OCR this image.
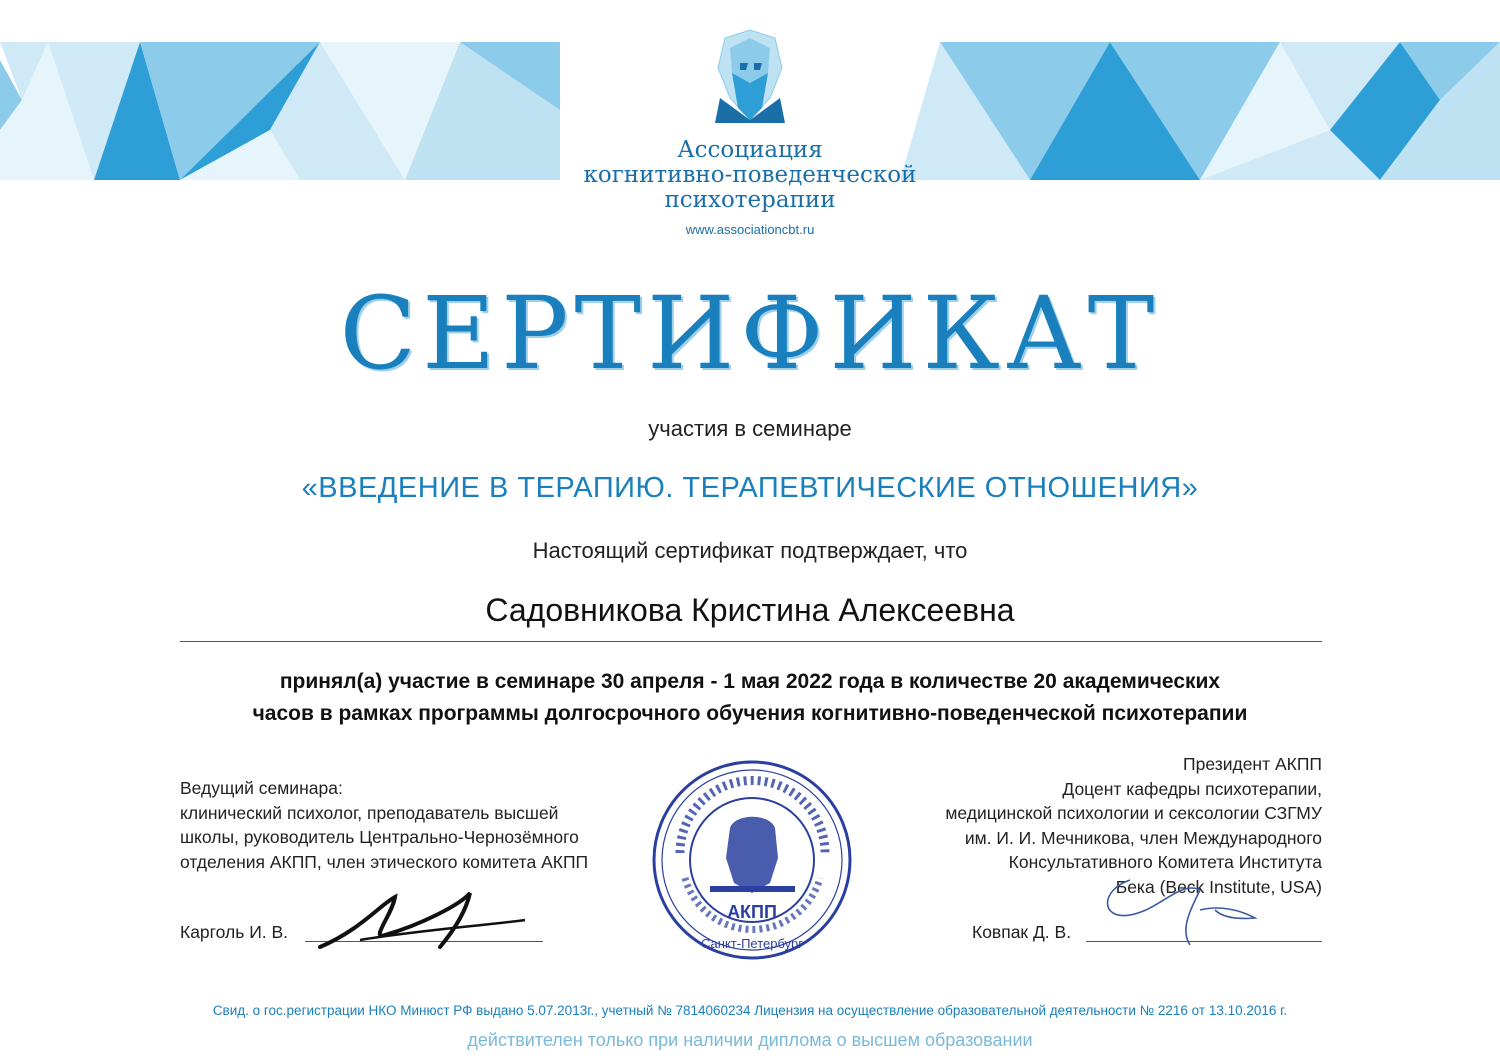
Ассоциация
когнитивно-поведенческой
психотерапии
www.associationcbt.ru
СЕРТИФИКАТ
участия в семинаре
«ВВЕДЕНИЕ В ТЕРАПИЮ. ТЕРАПЕВТИЧЕСКИЕ ОТНОШЕНИЯ»
Настоящий сертификат подтверждает, что
Садовникова Кристина Алексеевна
принял(а) участие в семинаре 30 апреля - 1 мая 2022 года в количестве 20 академических
часов в рамках программы долгосрочного обучения когнитивно-поведенческой психотерапии
Ведущий семинара:
клинический психолог, преподаватель высшей
школы, руководитель Центрально-Чернозёмного
отделения АКПП, член этического комитета АКПП
Карголь И. В.
Президент АКПП
Доцент кафедры психотерапии,
медицинской психологии и сексологии СЗГМУ
им. И. И. Мечникова, член Международного
Консультативного Комитета Института
Бека (Beck Institute, USA)
Ковпак Д. В.
АКПП
Санкт-Петербург
Свид. о гос.регистрации НКО Минюст РФ выдано 5.07.2013г., учетный № 7814060234 Лицензия на осуществление образовательной деятельности № 2216 от 13.10.2016 г.
действителен только при наличии диплома о высшем образовании
